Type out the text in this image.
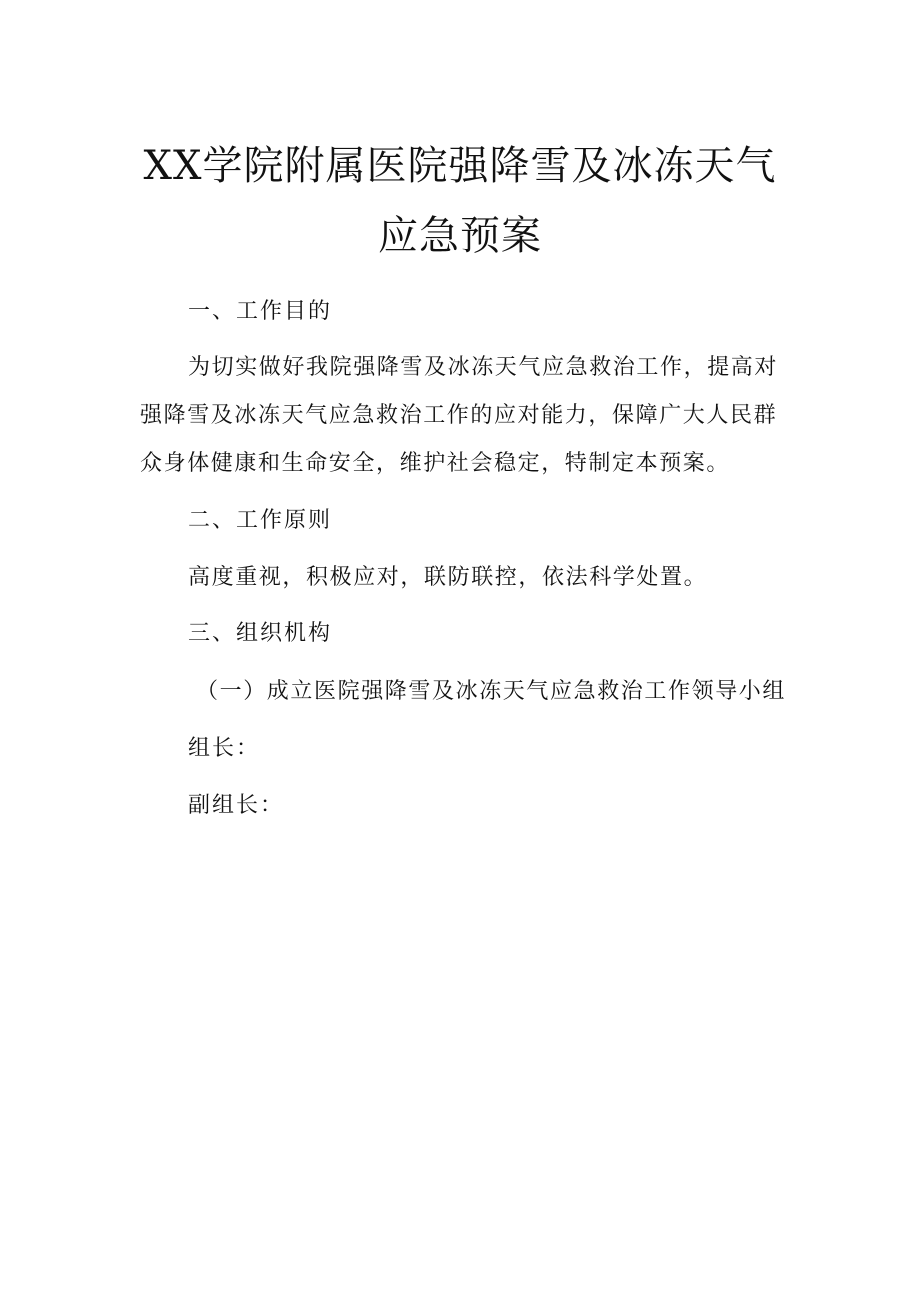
XX学院附属医院强降雪及冰冻天气
应急预案
一、工作目的
为切实做好我院强降雪及冰冻天气应急救治工作，提高对
强降雪及冰冻天气应急救治工作的应对能力，保障广大人民群
众身体健康和生命安全，维护社会稳定，特制定本预案。
二、工作原则
高度重视，积极应对，联防联控，依法科学处置。
三、组织机构
（一）成立医院强降雪及冰冻天气应急救治工作领导小组
组长：
副组长：
